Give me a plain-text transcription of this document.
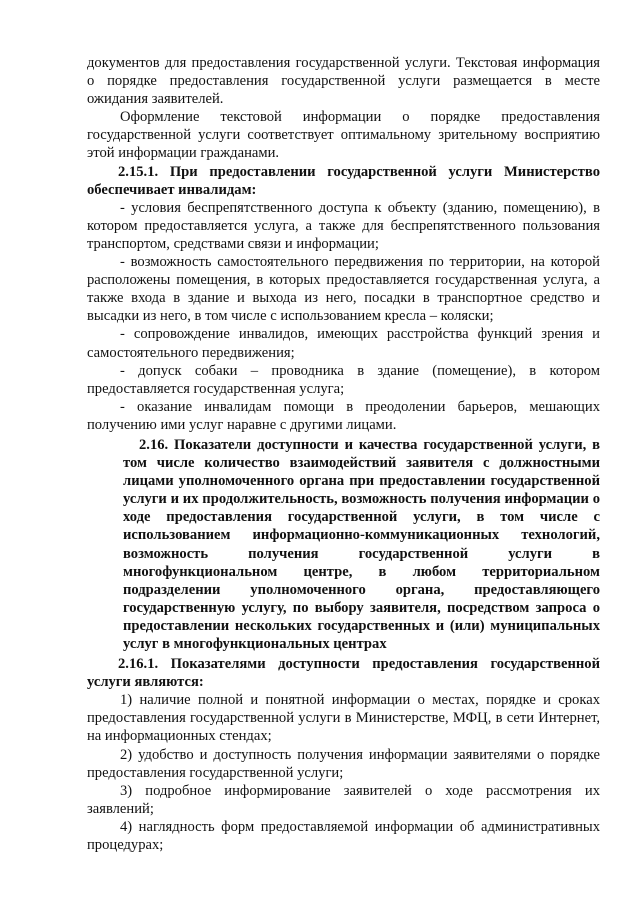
документов для предоставления государственной услуги. Текстовая информация о порядке предоставления государственной услуги размещается в месте ожидания заявителей.

Оформление текстовой информации о порядке предоставления государственной услуги соответствует оптимальному зрительному восприятию этой информации гражданами.

2.15.1. При предоставлении государственной услуги Министерство обеспечивает инвалидам:

- условия беспрепятственного доступа к объекту (зданию, помещению), в котором предоставляется услуга, а также для беспрепятственного пользования транспортом, средствами связи и информации;

- возможность самостоятельного передвижения по территории, на которой расположены помещения, в которых предоставляется государственная услуга, а также входа в здание и выхода из него, посадки в транспортное средство и высадки из него, в том числе с использованием кресла – коляски;

- сопровождение инвалидов, имеющих расстройства функций зрения и самостоятельного передвижения;

- допуск собаки – проводника в здание (помещение), в котором предоставляется государственная услуга;

- оказание инвалидам помощи в преодолении барьеров, мешающих получению ими услуг наравне с другими лицами.

2.16. Показатели доступности и качества государственной услуги, в том числе количество взаимодействий заявителя с должностными лицами уполномоченного органа при предоставлении государственной услуги и их продолжительность, возможность получения информации о ходе предоставления государственной услуги, в том числе с использованием информационно-коммуникационных технологий, возможность получения государственной услуги в многофункциональном центре, в любом территориальном подразделении уполномоченного органа, предоставляющего государственную услугу, по выбору заявителя, посредством запроса о предоставлении нескольких государственных и (или) муниципальных услуг в многофункциональных центрах

2.16.1. Показателями доступности предоставления государственной услуги являются:

1) наличие полной и понятной информации о местах, порядке и сроках предоставления государственной услуги в Министерстве, МФЦ, в сети Интернет, на информационных стендах;

2) удобство и доступность получения информации заявителями о порядке предоставления государственной услуги;

3) подробное информирование заявителей о ходе рассмотрения их заявлений;

4) наглядность форм предоставляемой информации об административных процедурах;
